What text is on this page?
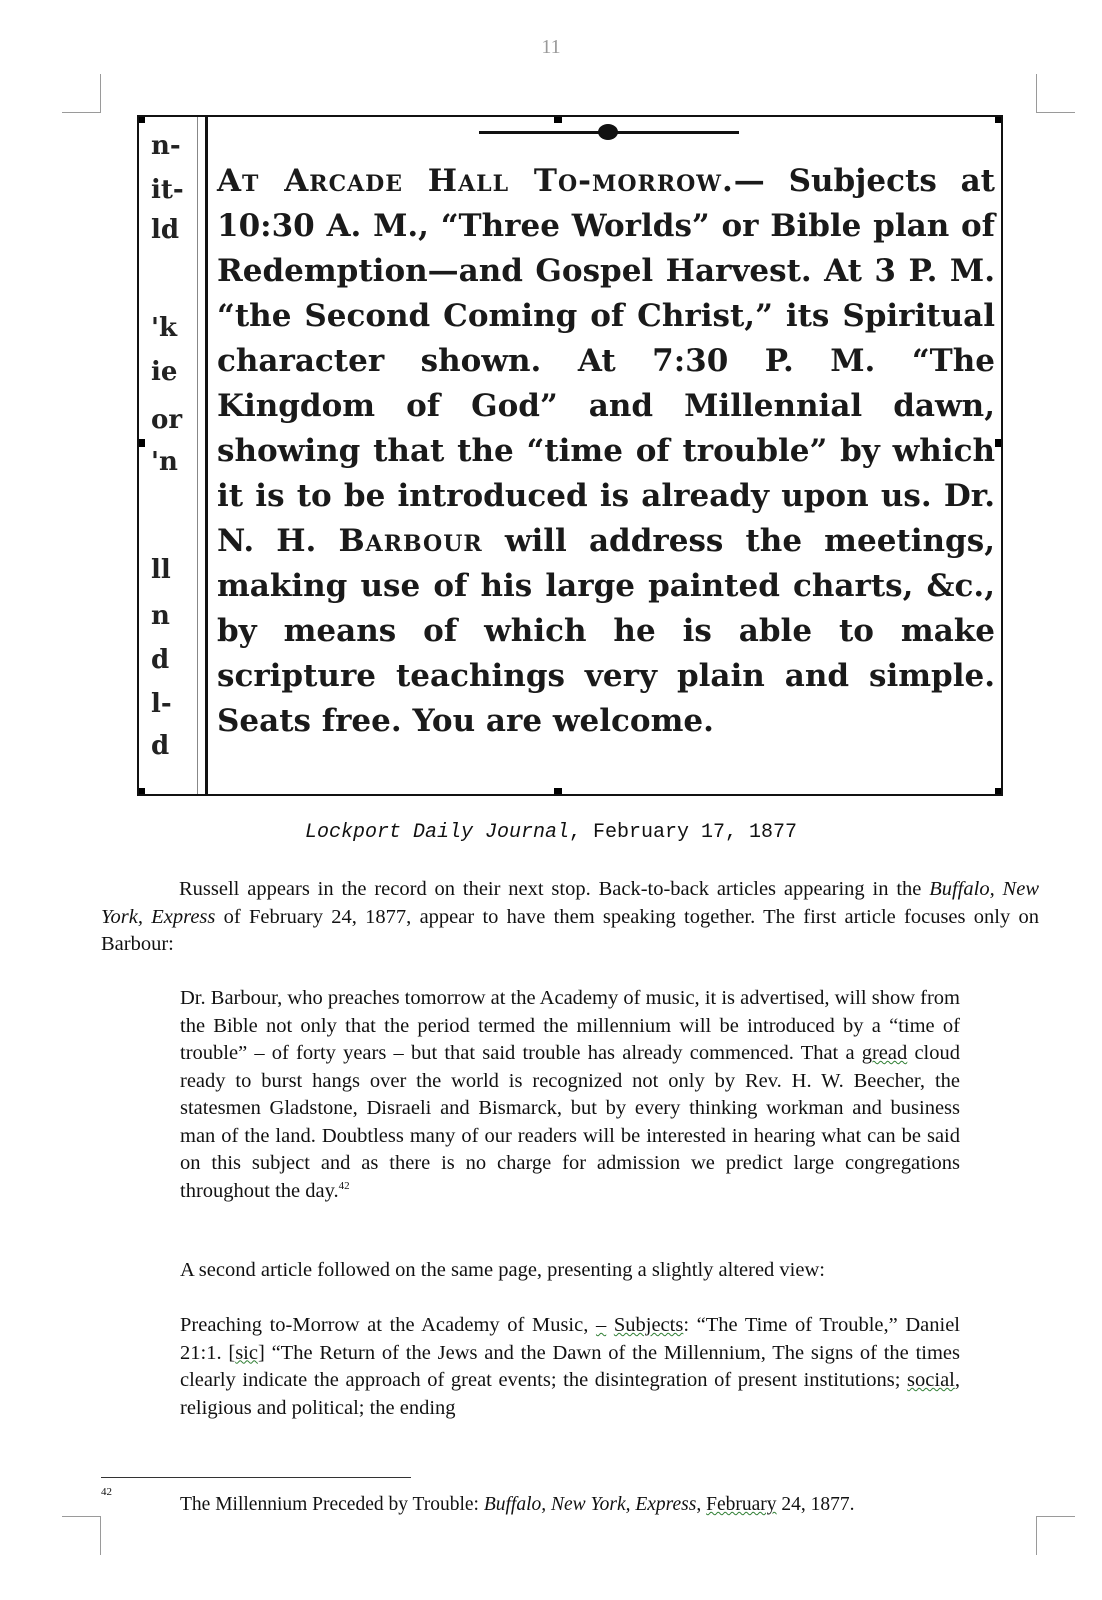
11
n-
it-
ld
'k
ie
or
'n
ll
n
d
l-
d
At Arcade Hall To-morrow.— Subjects at 10:30 A. M., “Three Worlds” or Bible plan of Redemption—and Gospel Harvest. At 3 P. M. “the Second Coming of Christ,” its Spiritual character shown. At 7:30 P. M. “The Kingdom of God” and Millennial dawn, showing that the “time of trouble” by which it is to be introduced is already upon us. Dr. N. H. Barbour will address the meetings, making use of his large painted charts, &c., by means of which he is able to make scripture teachings very plain and simple. Seats free. You are welcome.
Lockport Daily Journal, February 17, 1877
Russell appears in the record on their next stop. Back-to-back articles appearing in the Buffalo, New York, Express of February 24, 1877, appear to have them speaking together. The first article focuses only on Barbour:
Dr. Barbour, who preaches tomorrow at the Academy of music, it is advertised, will show from the Bible not only that the period termed the millennium will be introduced by a “time of trouble” – of forty years – but that said trouble has already commenced. That a gread cloud ready to burst hangs over the world is recognized not only by Rev. H. W. Beecher, the statesmen Gladstone, Disraeli and Bismarck, but by every thinking workman and business man of the land. Doubtless many of our readers will be interested in hearing what can be said on this subject and as there is no charge for admission we predict large congregations throughout the day.$^{42}$
A second article followed on the same page, presenting a slightly altered view:
Preaching to-Morrow at the Academy of Music, – Subjects: “The Time of Trouble,” Daniel 21:1. [sic] “The Return of the Jews and the Dawn of the Millennium, The signs of the times clearly indicate the approach of great events; the disintegration of present institutions; social, religious and political; the ending
42
The Millennium Preceded by Trouble: Buffalo, New York, Express, February 24, 1877.
